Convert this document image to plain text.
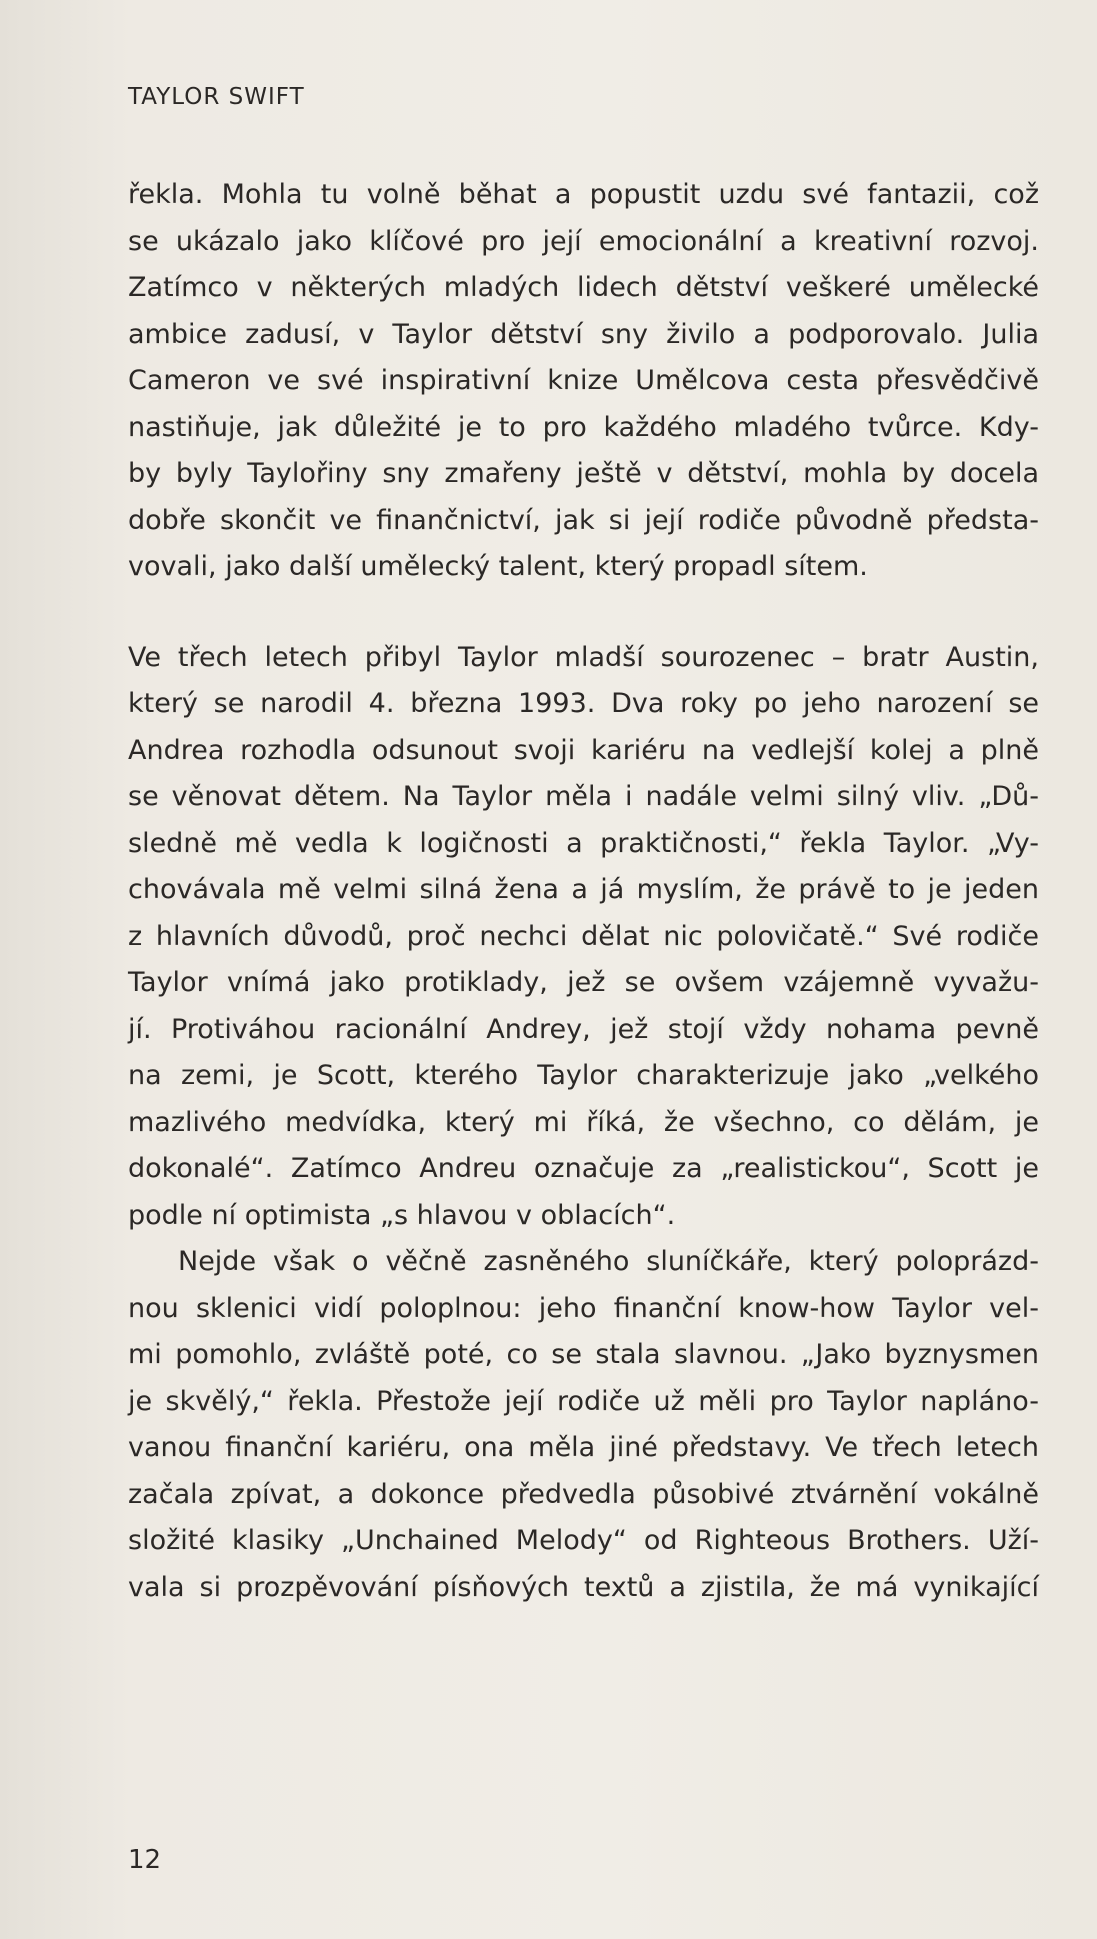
TAYLOR SWIFT

řekla. Mohla tu volně běhat a popustit uzdu své fantazii, což
se ukázalo jako klíčové pro její emocionální a kreativní rozvoj.
Zatímco v některých mladých lidech dětství veškeré umělecké
ambice zadusí, v Taylor dětství sny živilo a podporovalo. Julia
Cameron ve své inspirativní knize Umělcova cesta přesvědčivě
nastiňuje, jak důležité je to pro každého mladého tvůrce. Kdy-
by byly Taylořiny sny zmařeny ještě v dětství, mohla by docela
dobře skončit ve finančnictví, jak si její rodiče původně předsta-
vovali, jako další umělecký talent, který propadl sítem.

Ve třech letech přibyl Taylor mladší sourozenec – bratr Austin,
který se narodil 4. března 1993. Dva roky po jeho narození se
Andrea rozhodla odsunout svoji kariéru na vedlejší kolej a plně
se věnovat dětem. Na Taylor měla i nadále velmi silný vliv. „Dů-
sledně mě vedla k logičnosti a praktičnosti,“ řekla Taylor. „Vy-
chovávala mě velmi silná žena a já myslím, že právě to je jeden
z hlavních důvodů, proč nechci dělat nic polovičatě.“ Své rodiče
Taylor vnímá jako protiklady, jež se ovšem vzájemně vyvažu-
jí. Protiváhou racionální Andrey, jež stojí vždy nohama pevně
na zemi, je Scott, kterého Taylor charakterizuje jako „velkého
mazlivého medvídka, který mi říká, že všechno, co dělám, je
dokonalé“. Zatímco Andreu označuje za „realistickou“, Scott je
podle ní optimista „s hlavou v oblacích“.

Nejde však o věčně zasněného sluníčkáře, který poloprázd-
nou sklenici vidí poloplnou: jeho finanční know-how Taylor vel-
mi pomohlo, zvláště poté, co se stala slavnou. „Jako byznysmen
je skvělý,“ řekla. Přestože její rodiče už měli pro Taylor napláno-
vanou finanční kariéru, ona měla jiné představy. Ve třech letech
začala zpívat, a dokonce předvedla působivé ztvárnění vokálně
složité klasiky „Unchained Melody“ od Righteous Brothers. Uží-
vala si prozpěvování písňových textů a zjistila, že má vynikající

12
